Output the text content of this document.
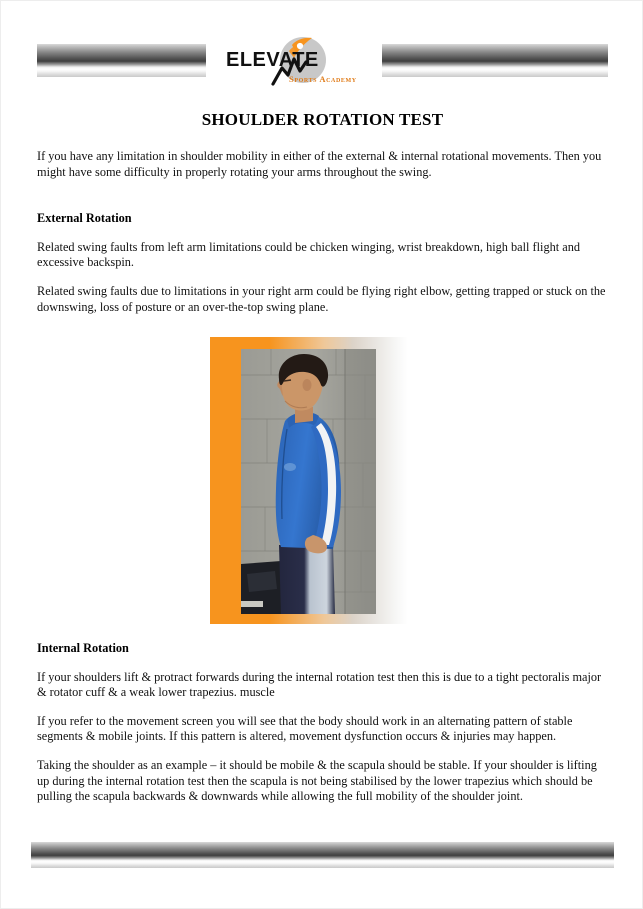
ELEVATE
Sports Academy
SHOULDER ROTATION TEST

If you have any limitation in shoulder mobility in either of the external & internal rotational movements. Then you might have some difficulty in properly rotating your arms throughout the swing.

External Rotation

Related swing faults from left arm limitations could be chicken winging, wrist breakdown, high ball flight and excessive backspin.

Related swing faults due to limitations in your right arm could be flying right elbow, getting trapped or stuck on the downswing, loss of posture or an over-the-top swing plane.

Internal Rotation

If your shoulders lift & protract forwards during the internal rotation test then this is due to a tight pectoralis major & rotator cuff & a weak lower trapezius. muscle

If you refer to the movement screen you will see that the body should work in an alternating pattern of stable segments & mobile joints. If this pattern is altered, movement dysfunction occurs & injuries may happen.

Taking the shoulder as an example – it should be mobile & the scapula should be stable. If your shoulder is lifting up during the internal rotation test then the scapula is not being stabilised by the lower trapezius which should be pulling the scapula backwards & downwards while allowing the full mobility of the shoulder joint.
